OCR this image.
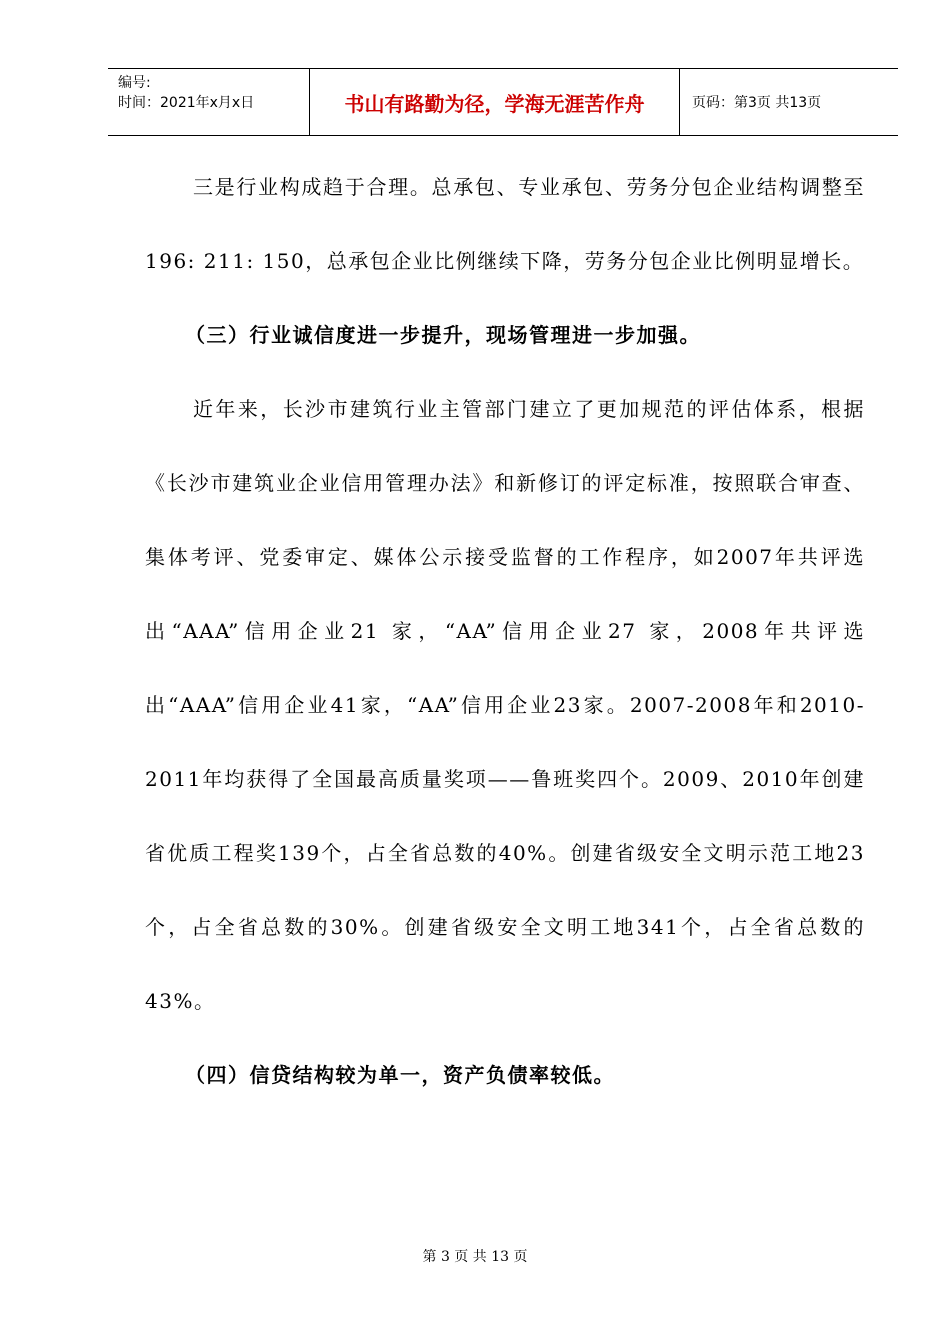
编号:
时间：2021年x月x日	书山有路勤为径，学海无涯苦作舟	页码：第3页 共13页

三是行业构成趋于合理。总承包、专业承包、劳务分包企业结构调整至196: 211: 150，总承包企业比例继续下降，劳务分包企业比例明显增长。

（三）行业诚信度进一步提升，现场管理进一步加强。

近年来，长沙市建筑行业主管部门建立了更加规范的评估体系，根据《长沙市建筑业企业信用管理办法》和新修订的评定标准，按照联合审查、集体考评、党委审定、媒体公示接受监督的工作程序，如2007年共评选出“AAA”信用企业21 家，“AA”信用企业27 家，2008年共评选出“AAA”信用企业41家，“AA”信用企业23家。2007-2008年和2010-2011年均获得了全国最高质量奖项——鲁班奖四个。2009、2010年创建省优质工程奖139个，占全省总数的40%。创建省级安全文明示范工地23个，占全省总数的30%。创建省级安全文明工地341个，占全省总数的43%。

（四）信贷结构较为单一，资产负债率较低。

第 3 页 共 13 页
